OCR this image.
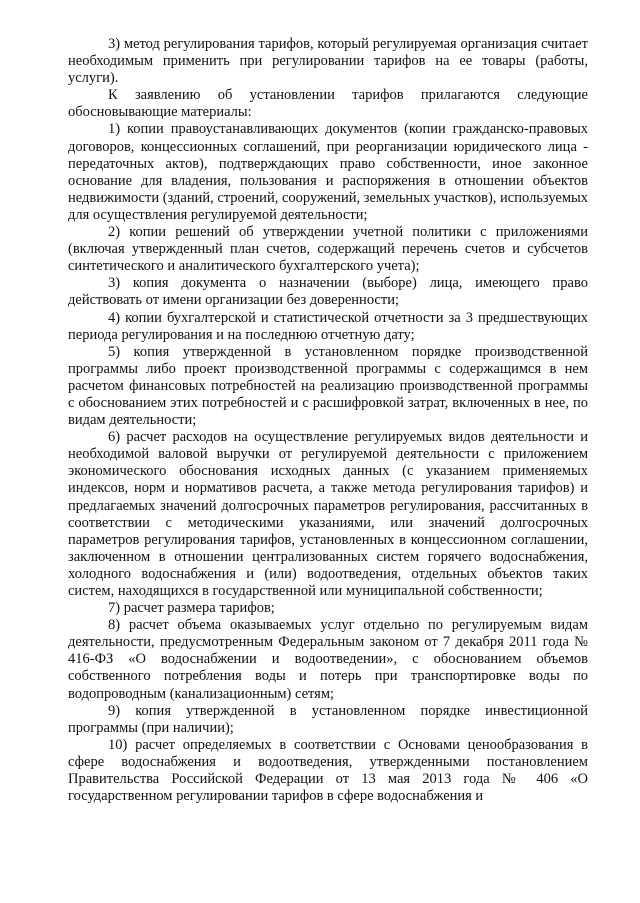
3) метод регулирования тарифов, который регулируемая организация считает необходимым применить при регулировании тарифов на ее товары (работы, услуги).

К заявлению об установлении тарифов прилагаются следующие обосновывающие материалы:

1) копии правоустанавливающих документов (копии гражданско-правовых договоров, концессионных соглашений, при реорганизации юридического лица - передаточных актов), подтверждающих право собственности, иное законное основание для владения, пользования и распоряжения в отношении объектов недвижимости (зданий, строений, сооружений, земельных участков), используемых для осуществления регулируемой деятельности;

2) копии решений об утверждении учетной политики с приложениями (включая утвержденный план счетов, содержащий перечень счетов и субсчетов синтетического и аналитического бухгалтерского учета);

3) копия документа о назначении (выборе) лица, имеющего право действовать от имени организации без доверенности;

4) копии бухгалтерской и статистической отчетности за 3 предшествующих периода регулирования и на последнюю отчетную дату;

5) копия утвержденной в установленном порядке производственной программы либо проект производственной программы с содержащимся в нем расчетом финансовых потребностей на реализацию производственной программы с обоснованием этих потребностей и с расшифровкой затрат, включенных в нее, по видам деятельности;

6) расчет расходов на осуществление регулируемых видов деятельности и необходимой валовой выручки от регулируемой деятельности с приложением экономического обоснования исходных данных (с указанием применяемых индексов, норм и нормативов расчета, а также метода регулирования тарифов) и предлагаемых значений долгосрочных параметров регулирования, рассчитанных в соответствии с методическими указаниями, или значений долгосрочных параметров регулирования тарифов, установленных в концессионном соглашении, заключенном в отношении централизованных систем горячего водоснабжения, холодного водоснабжения и (или) водоотведения, отдельных объектов таких систем, находящихся в государственной или муниципальной собственности;

7) расчет размера тарифов;

8) расчет объема оказываемых услуг отдельно по регулируемым видам деятельности, предусмотренным Федеральным законом от 7 декабря 2011 года № 416-ФЗ «О водоснабжении и водоотведении», с обоснованием объемов собственного потребления воды и потерь при транспортировке воды по водопроводным (канализационным) сетям;

9) копия утвержденной в установленном порядке инвестиционной программы (при наличии);

10) расчет определяемых в соответствии с Основами ценообразования в сфере водоснабжения и водоотведения, утвержденными постановлением Правительства Российской Федерации от 13 мая 2013 года № 406 «О государственном регулировании тарифов в сфере водоснабжения и
